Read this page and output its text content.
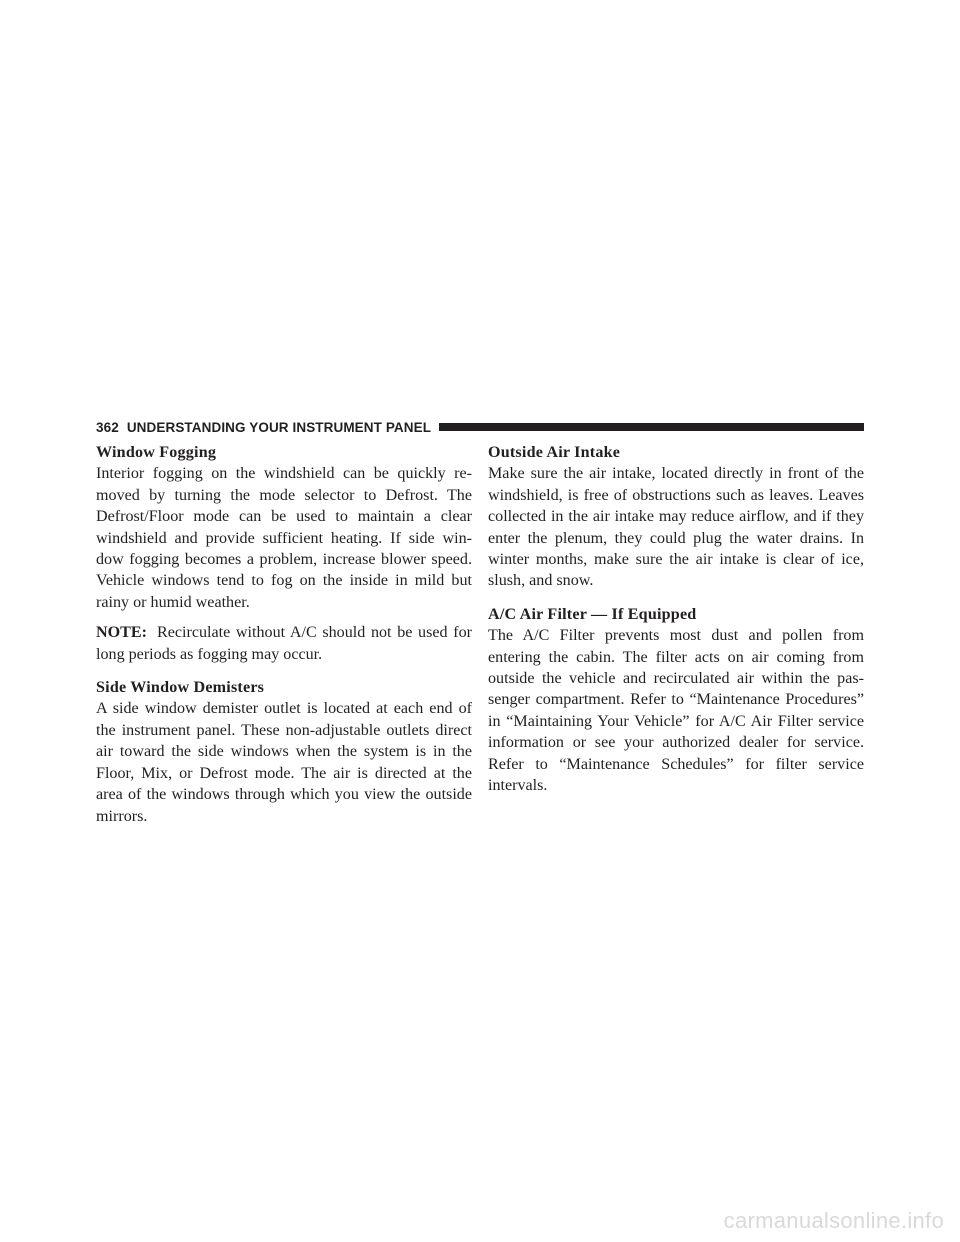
362 UNDERSTANDING YOUR INSTRUMENT PANEL
Window Fogging

Interior fogging on the windshield can be quickly re-moved by turning the mode selector to Defrost. The Defrost/Floor mode can be used to maintain a clear windshield and provide sufficient heating. If side win-dow fogging becomes a problem, increase blower speed. Vehicle windows tend to fog on the inside in mild but rainy or humid weather.

NOTE: Recirculate without A/C should not be used for long periods as fogging may occur.

Side Window Demisters

A side window demister outlet is located at each end of the instrument panel. These non-adjustable outlets direct air toward the side windows when the system is in the Floor, Mix, or Defrost mode. The air is directed at the area of the windows through which you view the outside mirrors.

Outside Air Intake

Make sure the air intake, located directly in front of the windshield, is free of obstructions such as leaves. Leaves collected in the air intake may reduce airflow, and if they enter the plenum, they could plug the water drains. In winter months, make sure the air intake is clear of ice, slush, and snow.

A/C Air Filter — If Equipped

The A/C Filter prevents most dust and pollen from entering the cabin. The filter acts on air coming from outside the vehicle and recirculated air within the pas-senger compartment. Refer to “Maintenance Procedures” in “Maintaining Your Vehicle” for A/C Air Filter service information or see your authorized dealer for service. Refer to “Maintenance Schedules” for filter service intervals.

carmanualsonline.info
